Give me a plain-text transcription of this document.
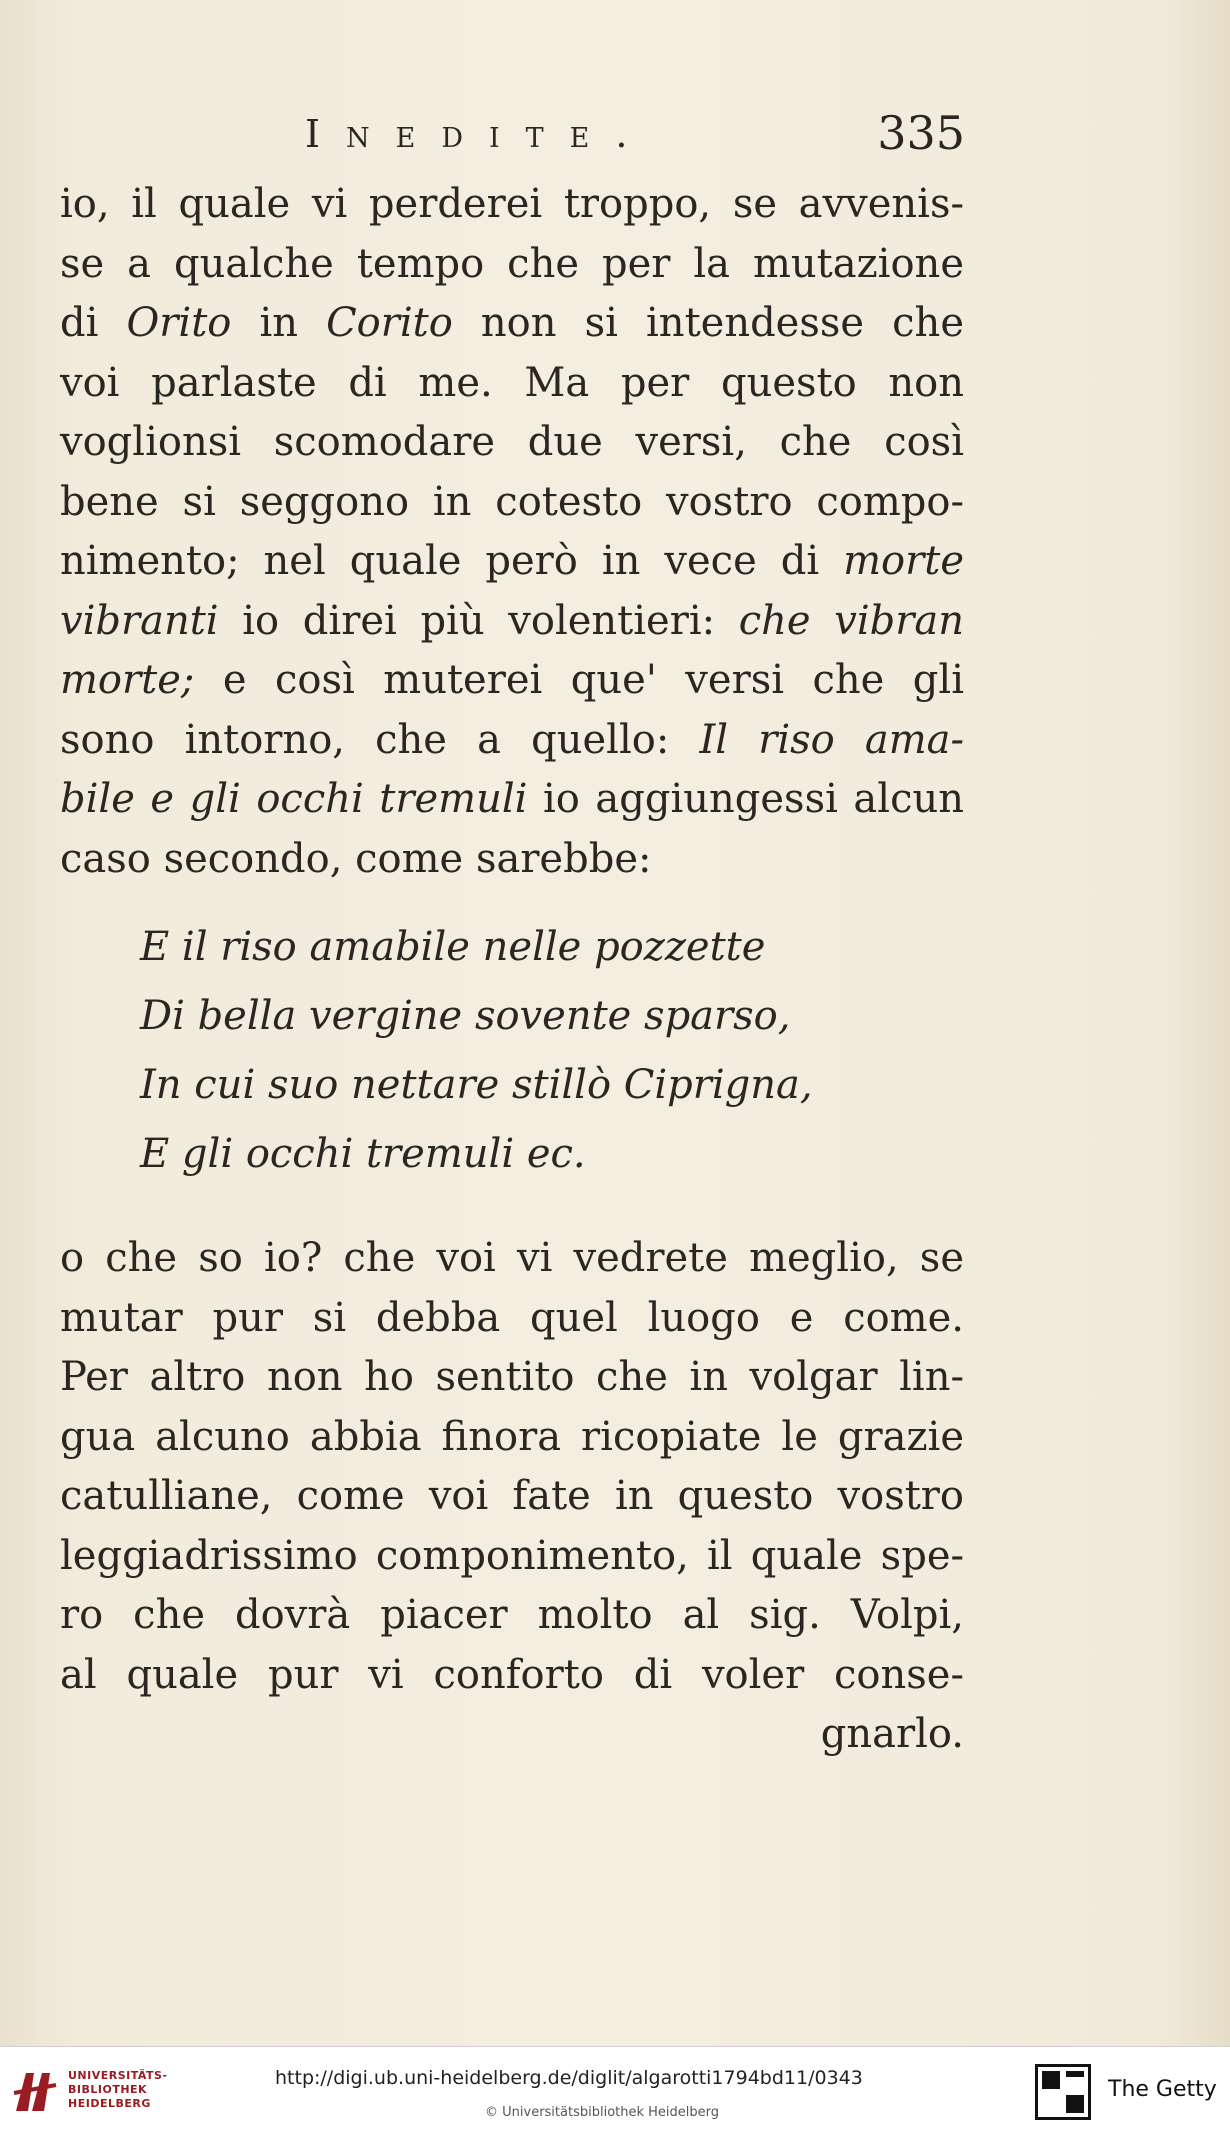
Inedite.	335

io, il quale vi perderei troppo, se avvenis-
se a qualche tempo che per la mutazione
di Orito in Corito non si intendesse che
voi parlaste di me. Ma per questo non
voglionsi scomodare due versi, che così
bene si seggono in cotesto vostro compo-
nimento; nel quale però in vece di morte
vibranti io direi più volentieri: che vibran
morte; e così muterei que' versi che gli
sono intorno, che a quello: Il riso ama-
bile e gli occhi tremuli io aggiungessi alcun
caso secondo, come sarebbe:

E il riso amabile nelle pozzette
Di bella vergine sovente sparso,
In cui suo nettare stillò Ciprigna,
E gli occhi tremuli ec.

o che so io? che voi vi vedrete meglio, se
mutar pur si debba quel luogo e come.
Per altro non ho sentito che in volgar lin-
gua alcuno abbia finora ricopiate le grazie
catulliane, come voi fate in questo vostro
leggiadrissimo componimento, il quale spe-
ro che dovrà piacer molto al sig. Volpi,
al quale pur vi conforto di voler conse-
gnarlo.

UNIVERSITÄTS-
BIBLIOTHEK
HEIDELBERG
http://digi.ub.uni-heidelberg.de/diglit/algarotti1794bd11/0343
© Universitätsbibliothek Heidelberg
The Getty
